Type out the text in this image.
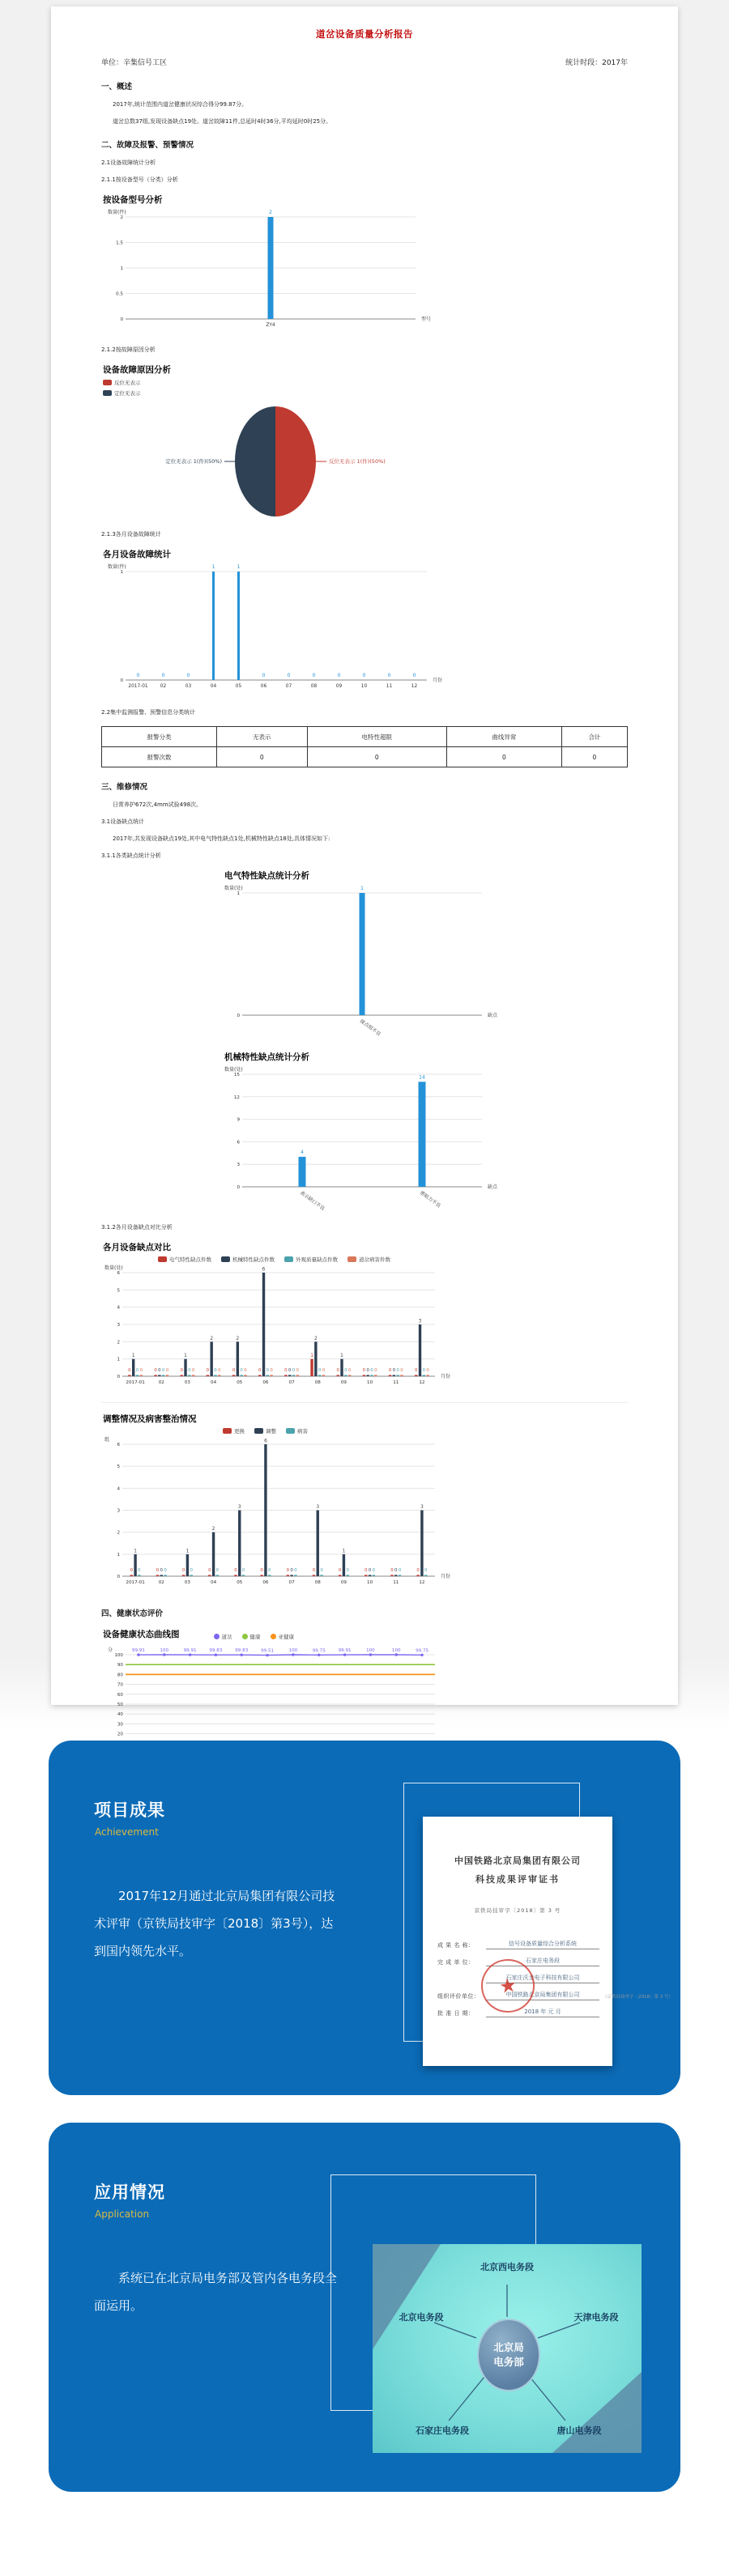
道岔设备质量分析报告
单位：辛集信号工区	统计时段：2017年
一、概述
2017年,统计范围内道岔健康状况综合得分99.87分。
道岔总数37组,发现设备缺点19处。道岔故障11件,总延时4时36分,平均延时0时25分。
二、故障及报警、预警情况
2.1设备故障统计分析
2.1.1按设备型号（分类）分析
按设备型号分析
0
0.5
1
1.5
2
数量(件)
型号
2
ZY4
2.1.2按故障原因分析
设备故障原因分析
反位无表示
定位无表示
反位无表示 1(件)(50%)
定位无表示 1(件)(50%)
2.1.3各月设备故障统计
各月设备故障统计
0
1
数量(件)
月份
0
2017-01
0
02
0
03
1
04
1
05
0
06
0
07
0
08
0
09
0
10
0
11
0
12
2.2集中监测报警、预警信息分类统计
报警分类	无表示	电特性超限	曲线异常	合计
报警次数	0	0	0	0
三、维修情况
日常养护672次,4mm试验498次。
3.1设备缺点统计
2017年,共发现设备缺点19处,其中电气特性缺点1处,机械特性缺点18处,具体情况如下:
3.1.1各类缺点统计分析
电气特性缺点统计分析
0
1
数量(处)
缺点
1
接点组不良
机械特性缺点统计分析
0
3
6
9
12
15
数量(处)
缺点
4
表示缺口不良
14
密贴力不良
3.1.2各月设备缺点对比分析
各月设备缺点对比
电气特性缺点件数	机械特性缺点件数	外观质量缺点件数	道岔病害件数
0
1
2
3
4
5
6
数量(处)
月份
0
1
0 0
2017-01
0 0 0 0
02
0
1
0 0
03
0
2
0 0
04
0
2
0 0
05
0
6
0 0
06
0 0 0 0
07
1
2
0 0
08
0
1
0 0
09
0 0 0 0
10
0 0 0 0
11
0
3
0 0
12
调整情况及病害整治情况
更换	调整	病害
0
1
2
3
4
5
6
组
月份
0
1
0
2017-01
0 0 0
02
0
1
0
03
0
2
0
04
0
3
0
05
0
6
0
06
0 0 0
07
0
3
0
08
0
1
0
09
0 0 0
10
0 0 0
11
0
3
0
12
四、健康状态评价
设备健康状态曲线图	道岔	健康	亚健康
20
30
40
50
60
70
80
90
100
分	99.91	100	99.91	99.83	99.83	99.51	100	99.75	99.91	100	100	99.75
项目成果
Achievement
2017年12月通过北京局集团有限公司技术评审（京铁局技审字〔2018〕第3号），达到国内领先水平。
中国铁路北京局集团有限公司
科技成果评审证书
京铁局技审字〔2018〕第 3 号
成 果 名 称：	信号设备质量综合分析系统
完 成 单 位：	石家庄电务段
石家庄沃龙电子科技有限公司
组织评价单位：	中国铁路北京局集团有限公司	（京铁局技审字〔2018〕第 3 号）
批 准 日 期：	2018 年 元 月
★
应用情况
Application
系统已在北京局电务部及管内各电务段全面运用。
北京局
电务部
北京西电务段
北京电务段	天津电务段
石家庄电务段	唐山电务段
